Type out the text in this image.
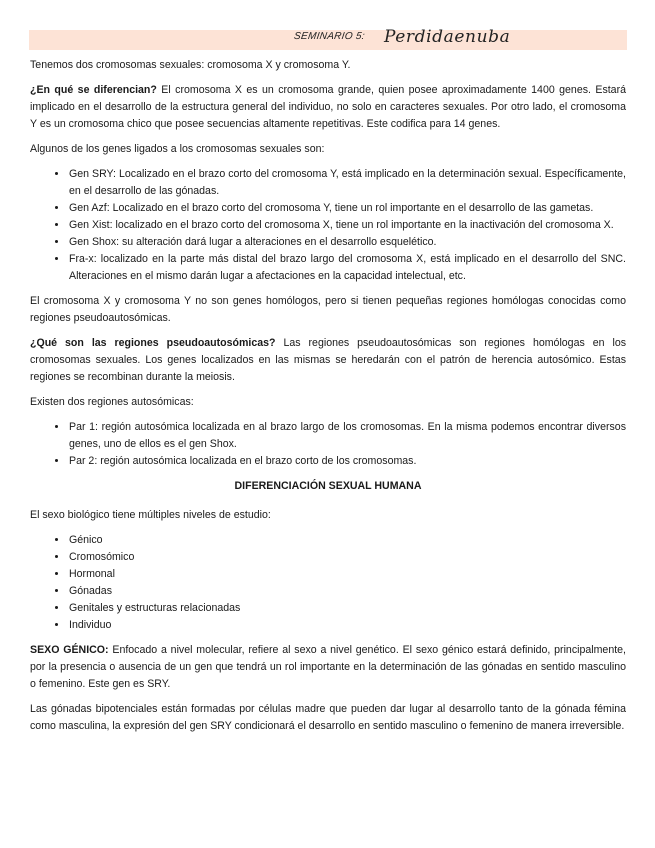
SEMINARIO 5: Perdidaenuba

Tenemos dos cromosomas sexuales: cromosoma X y cromosoma Y.

¿En qué se diferencian? El cromosoma X es un cromosoma grande, quien posee aproximadamente 1400 genes. Estará implicado en el desarrollo de la estructura general del individuo, no solo en caracteres sexuales. Por otro lado, el cromosoma Y es un cromosoma chico que posee secuencias altamente repetitivas. Este codifica para 14 genes.

Algunos de los genes ligados a los cromosomas sexuales son:

• Gen SRY: Localizado en el brazo corto del cromosoma Y, está implicado en la determinación sexual. Específicamente, en el desarrollo de las gónadas.
• Gen Azf: Localizado en el brazo corto del cromosoma Y, tiene un rol importante en el desarrollo de las gametas.
• Gen Xist: localizado en el brazo corto del cromosoma X, tiene un rol importante en la inactivación del cromosoma X.
• Gen Shox: su alteración dará lugar a alteraciones en el desarrollo esquelético.
• Fra-x: localizado en la parte más distal del brazo largo del cromosoma X, está implicado en el desarrollo del SNC. Alteraciones en el mismo darán lugar a afectaciones en la capacidad intelectual, etc.

El cromosoma X y cromosoma Y no son genes homólogos, pero si tienen pequeñas regiones homólogas conocidas como regiones pseudoautosómicas.

¿Qué son las regiones pseudoautosómicas? Las regiones pseudoautosómicas son regiones homólogas en los cromosomas sexuales. Los genes localizados en las mismas se heredarán con el patrón de herencia autosómico. Estas regiones se recombinan durante la meiosis.

Existen dos regiones autosómicas:

• Par 1: región autosómica localizada en al brazo largo de los cromosomas. En la misma podemos encontrar diversos genes, uno de ellos es el gen Shox.
• Par 2: región autosómica localizada en el brazo corto de los cromosomas.
DIFERENCIACIÓN SEXUAL HUMANA

El sexo biológico tiene múltiples niveles de estudio:

• Génico
• Cromosómico
• Hormonal
• Gónadas
• Genitales y estructuras relacionadas
• Individuo

SEXO GÉNICO: Enfocado a nivel molecular, refiere al sexo a nivel genético. El sexo génico estará definido, principalmente, por la presencia o ausencia de un gen que tendrá un rol importante en la determinación de las gónadas en sentido masculino o femenino. Este gen es SRY.

Las gónadas bipotenciales están formadas por células madre que pueden dar lugar al desarrollo tanto de la gónada fémina como masculina, la expresión del gen SRY condicionará el desarrollo en sentido masculino o femenino de manera irreversible.
